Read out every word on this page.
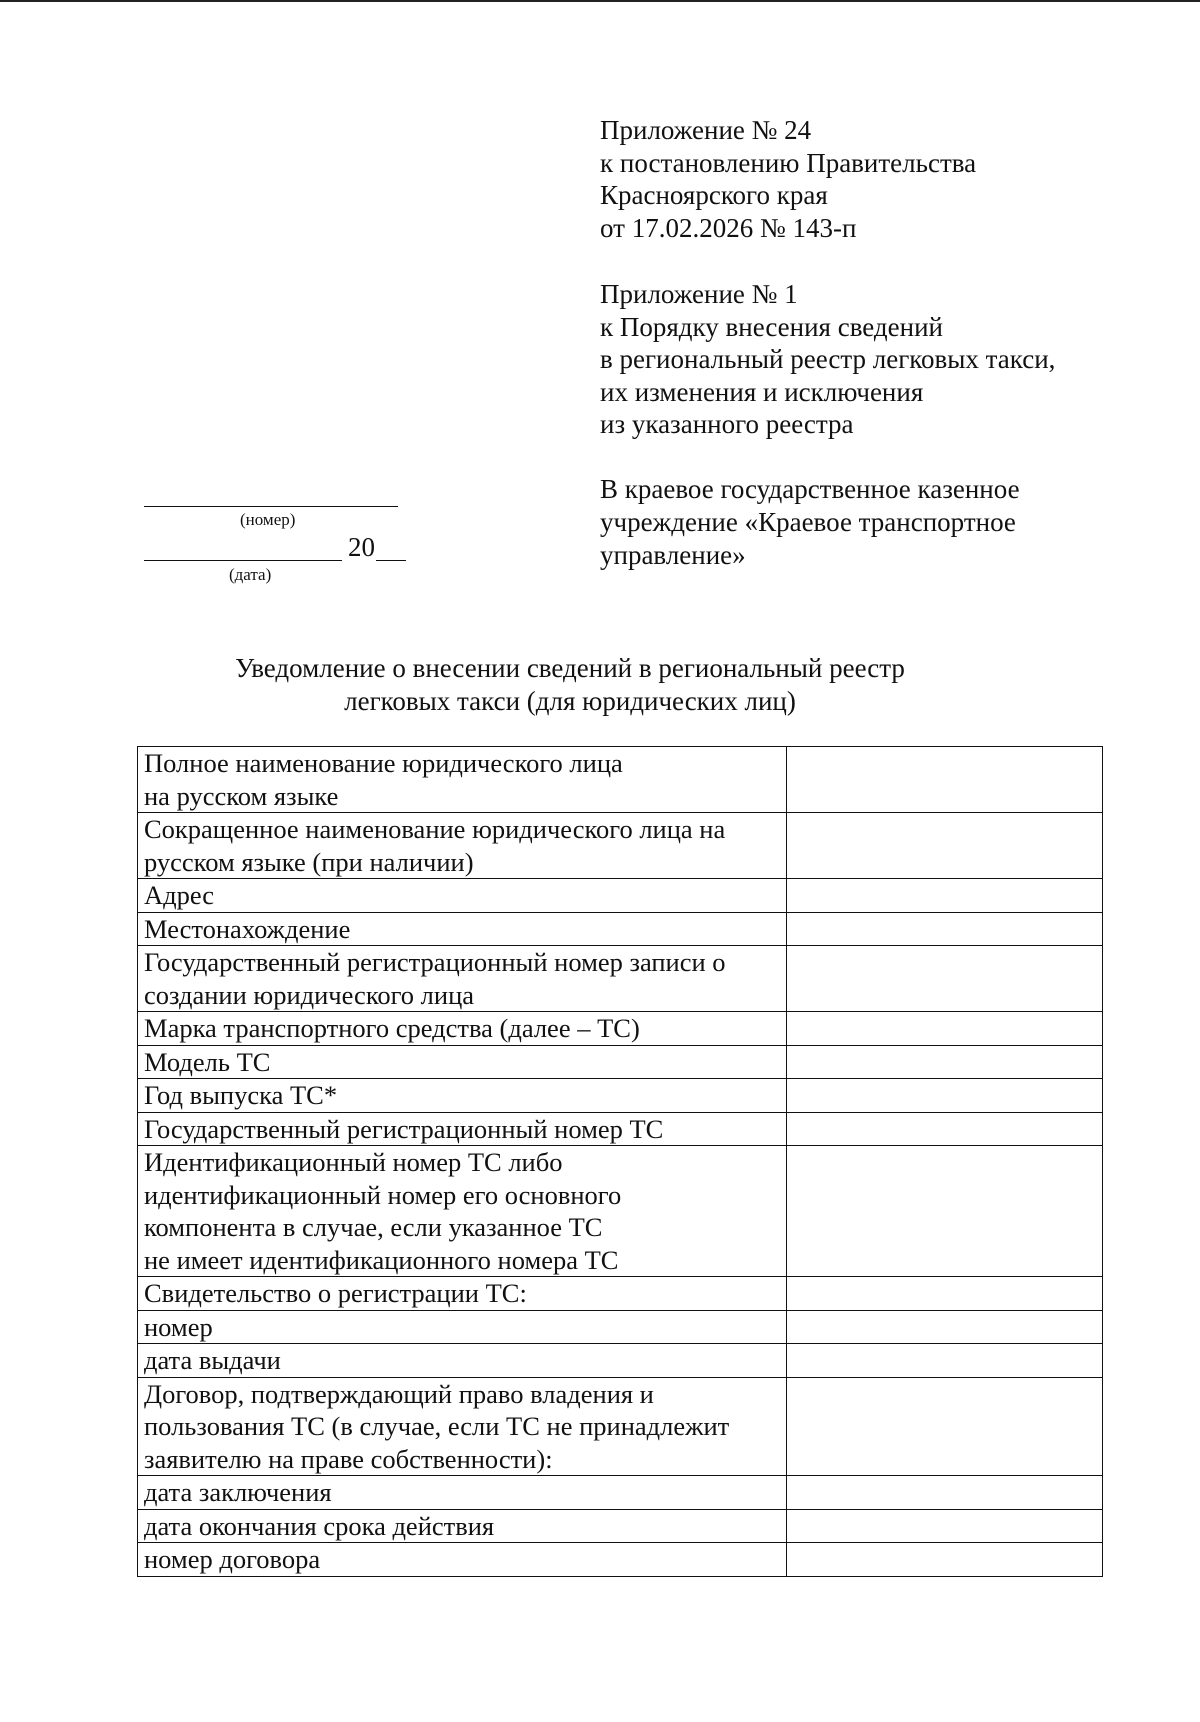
Приложение № 24
к постановлению Правительства
Красноярского края
от 17.02.2026 № 143-п
Приложение № 1
к Порядку внесения сведений
в региональный реестр легковых такси,
их изменения и исключения
из указанного реестра
В краевое государственное казенное
учреждение «Краевое транспортное
управление»
(номер)
20
(дата)
Уведомление о внесении сведений в региональный реестр
легковых такси (для юридических лиц)
Полное наименование юридического лица
на русском языке	

Сокращенное наименование юридического лица на
русском языке (при наличии)	

Адрес	

Местонахождение	

Государственный регистрационный номер записи о
создании юридического лица	

Марка транспортного средства (далее – ТС)	

Модель ТС	

Год выпуска ТС*	

Государственный регистрационный номер ТС	

Идентификационный номер ТС либо
идентификационный номер его основного
компонента в случае, если указанное ТС
не имеет идентификационного номера ТС	

Свидетельство о регистрации ТС:	

номер	

дата выдачи	

Договор, подтверждающий право владения и
пользования ТС (в случае, если ТС не принадлежит
заявителю на праве собственности):	

дата заключения	

дата окончания срока действия	

номер договора	
